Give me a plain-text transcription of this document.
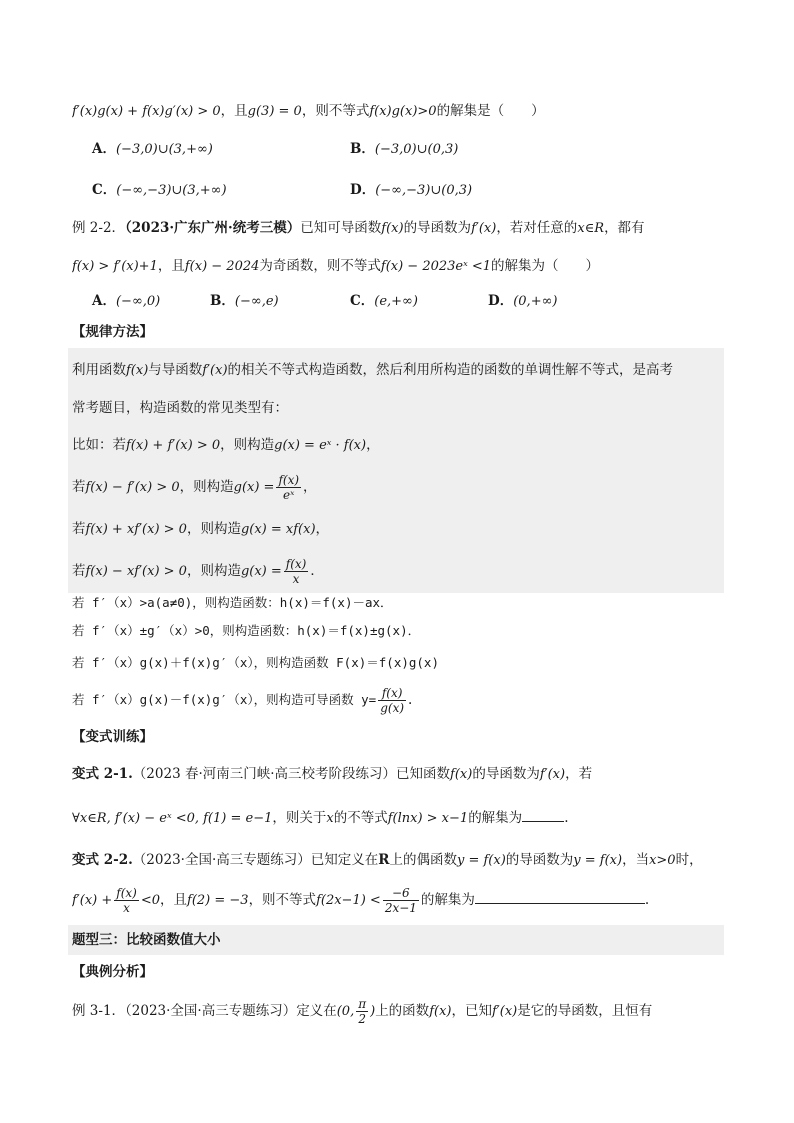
f′(x)g(x) + f(x)g′(x) > 0，且g(3) = 0，则不等式f(x)g(x)>0的解集是（　　）
A．(−3,0)∪(3,+∞)	B．(−3,0)∪(0,3)
C．(−∞,−3)∪(3,+∞)	D．(−∞,−3)∪(0,3)
例 2-2．（2023·广东广州·统考三模）已知可导函数f(x)的导函数为f′(x)，若对任意的x∈R，都有
f(x) > f′(x)+1，且f(x) − 2024为奇函数，则不等式f(x) − 2023eˣ <1的解集为（　　）
A．(−∞,0)	B．(−∞,e)	C．(e,+∞)	D．(0,+∞)
【规律方法】
利用函数f(x)与导函数f′(x)的相关不等式构造函数，然后利用所构造的函数的单调性解不等式，是高考
常考题目，构造函数的常见类型有：
比如：若f(x) + f′(x) > 0，则构造g(x) = eˣ · f(x)，
若f(x) − f′(x) > 0，则构造$g(x) = \frac{f(x)}{\text{eˣ}}$ ，
若f(x) + xf′(x) > 0，则构造g(x) = xf(x)，
若f(x) − xf′(x) > 0，则构造$g(x) = \frac{f(x)}{x}$ ．
若 f′（x）>a(a≠0)，则构造函数：h(x)＝f(x)－ax．
若 f′（x）±g′（x）>0，则构造函数：h(x)＝f(x)±g(x)．
若 f′（x）g(x)＋f(x)g′（x），则构造函数 F(x)＝f(x)g(x)
若 f′（x）g(x)－f(x)g′（x），则构造可导函数 $y= \frac{f(x)}{g(x)}$ .
【变式训练】
变式 2-1.（2023 春·河南三门峡·高三校考阶段练习）已知函数f(x)的导函数为f′(x)，若
∀x∈R, f′(x) − eˣ <0, f(1) = e−1，则关于x的不等式f(lnx) > x−1的解集为	.
变式 2-2.（2023·全国·高三专题练习）已知定义在R上的偶函数y = f(x)的导函数为y = f(x)，当x>0时，
$f'(x) + \frac{f(x)}{x} <0$，且f(2) = −3，则不等式$f(2x-1) < \frac{-6}{2x-1}$ 的解集为	.
题型三：比较函数值大小
【典例分析】
例 3-1．（2023·全国·高三专题练习）定义在(0, $\frac{\pi}{2}$ )上的函数f(x)，已知f′(x)是它的导函数，且恒有
